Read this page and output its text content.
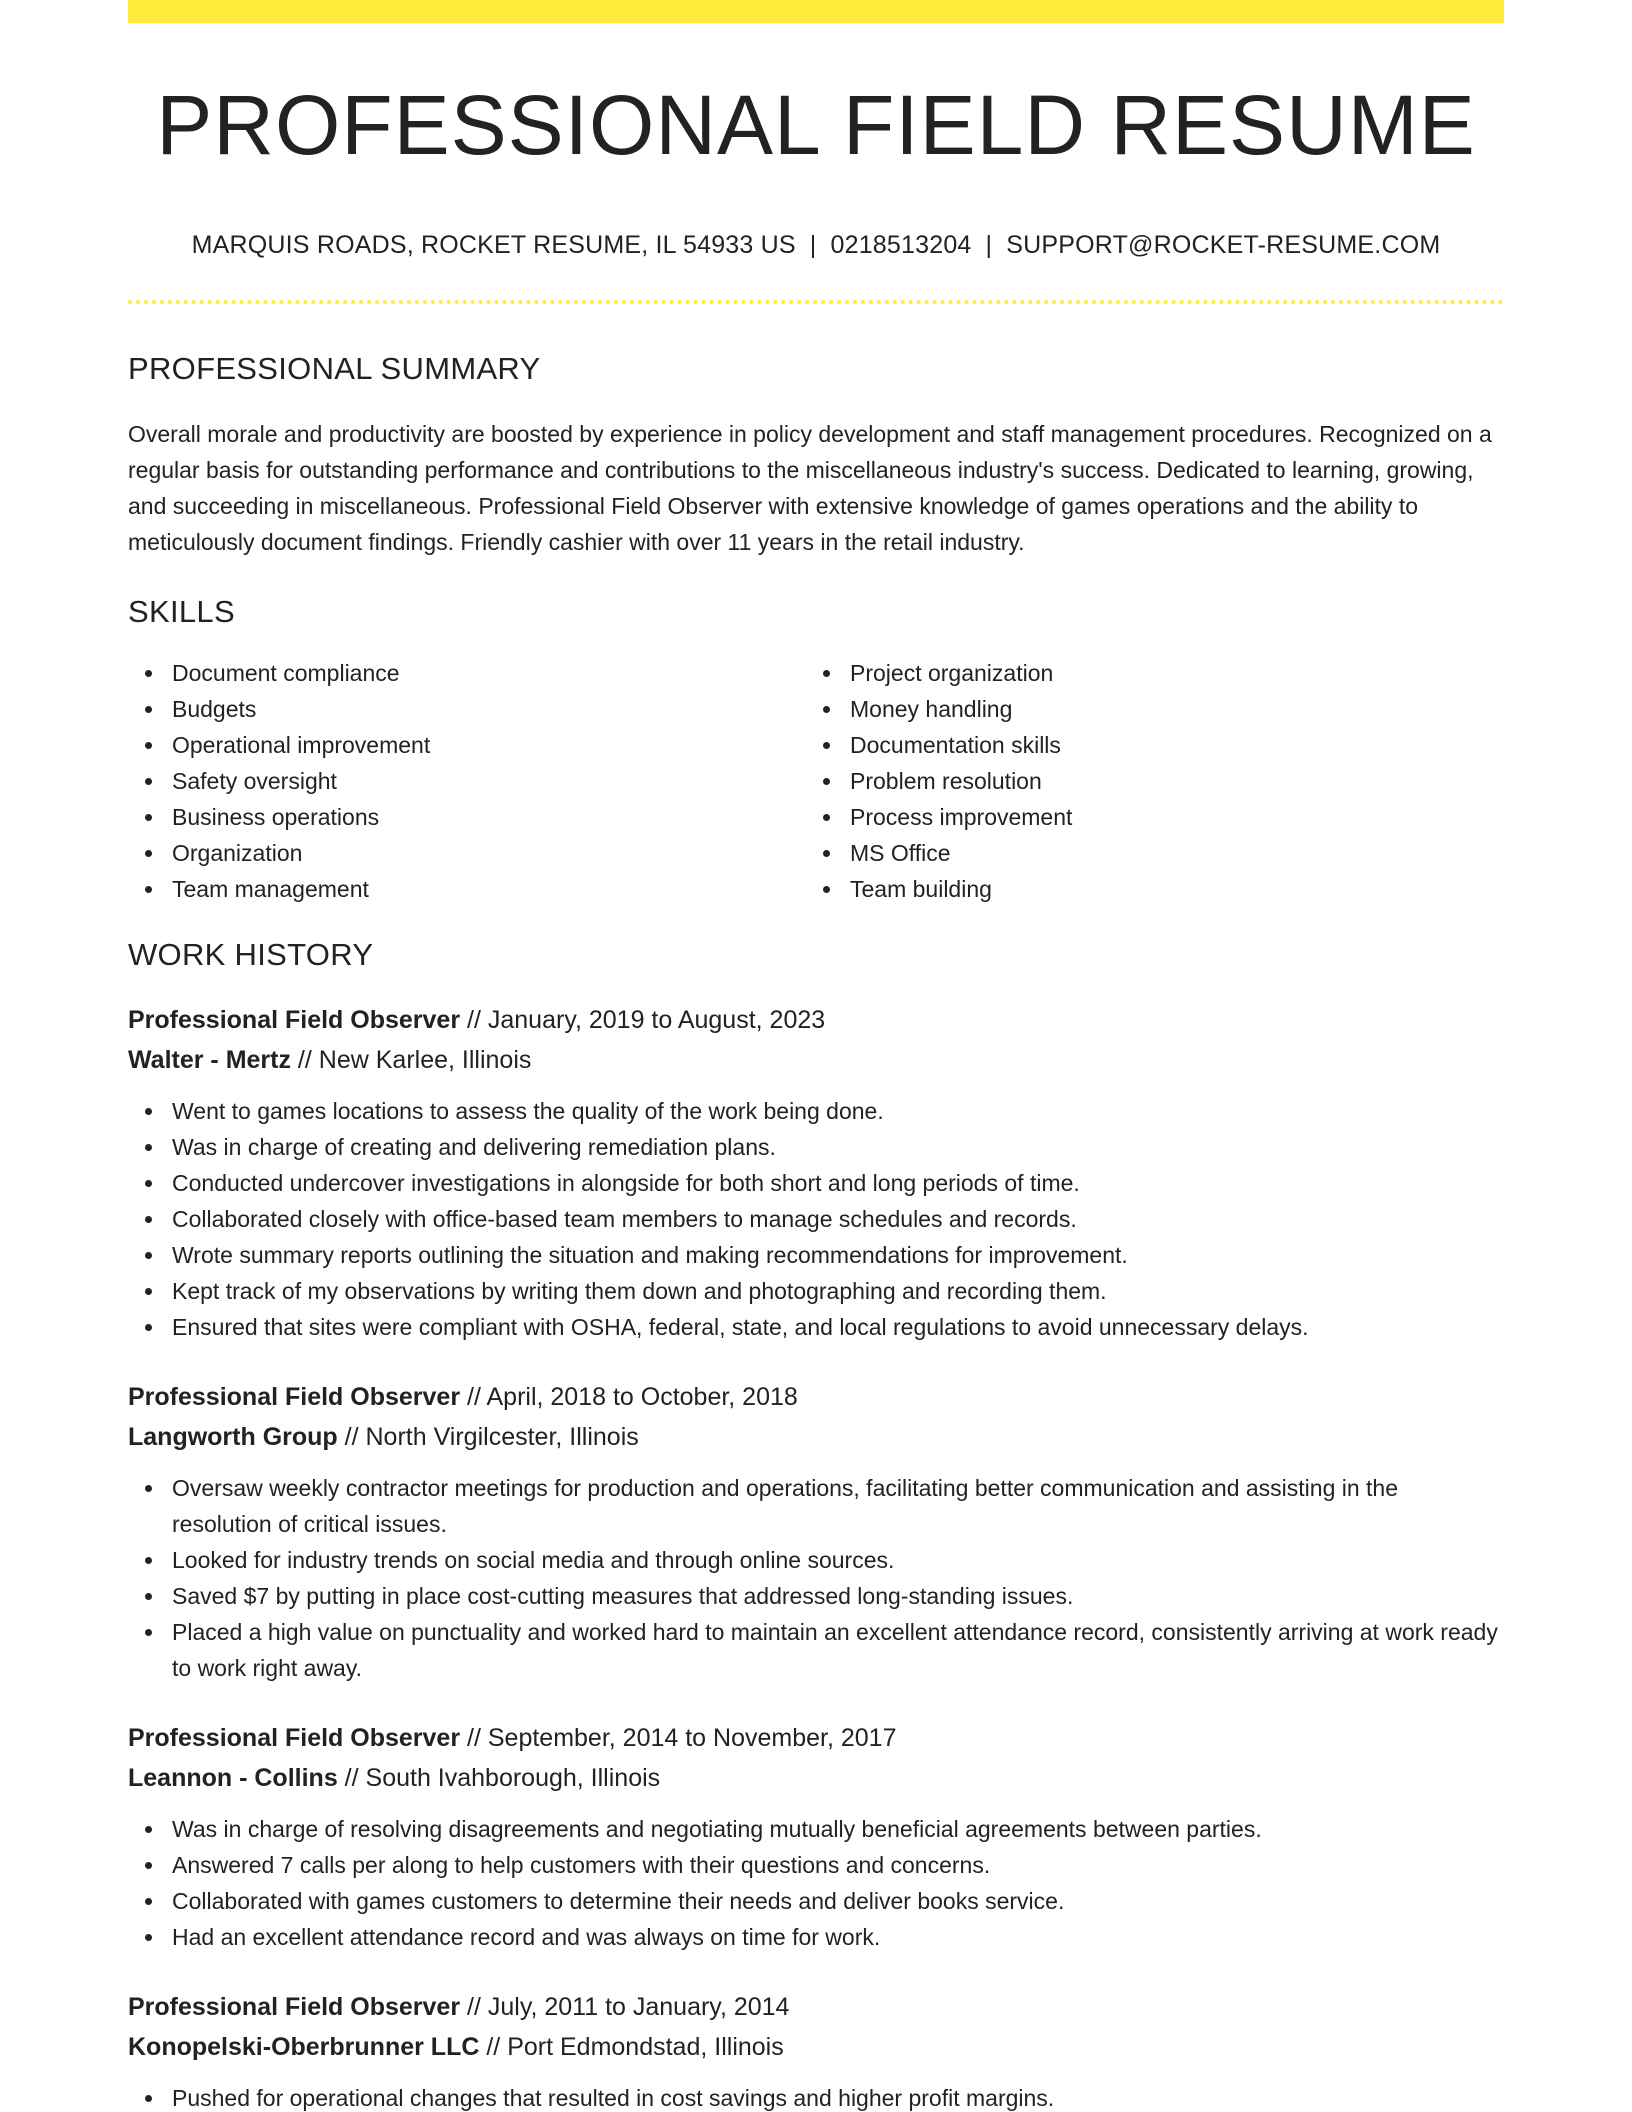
PROFESSIONAL FIELD RESUME
MARQUIS ROADS, ROCKET RESUME, IL 54933 US | 0218513204 | SUPPORT@ROCKET-RESUME.COM
PROFESSIONAL SUMMARY

Overall morale and productivity are boosted by experience in policy development and staff management procedures. Recognized on a regular basis for outstanding performance and contributions to the miscellaneous industry's success. Dedicated to learning, growing, and succeeding in miscellaneous. Professional Field Observer with extensive knowledge of games operations and the ability to meticulously document findings. Friendly cashier with over 11 years in the retail industry.

SKILLS
Document compliance
Budgets
Operational improvement
Safety oversight
Business operations
Organization
Team management
Project organization
Money handling
Documentation skills
Problem resolution
Process improvement
MS Office
Team building
WORK HISTORY
Professional Field Observer // January, 2019 to August, 2023
Walter - Mertz // New Karlee, Illinois
Went to games locations to assess the quality of the work being done.
Was in charge of creating and delivering remediation plans.
Conducted undercover investigations in alongside for both short and long periods of time.
Collaborated closely with office-based team members to manage schedules and records.
Wrote summary reports outlining the situation and making recommendations for improvement.
Kept track of my observations by writing them down and photographing and recording them.
Ensured that sites were compliant with OSHA, federal, state, and local regulations to avoid unnecessary delays.
Professional Field Observer // April, 2018 to October, 2018
Langworth Group // North Virgilcester, Illinois
Oversaw weekly contractor meetings for production and operations, facilitating better communication and assisting in the resolution of critical issues.
Looked for industry trends on social media and through online sources.
Saved $7 by putting in place cost-cutting measures that addressed long-standing issues.
Placed a high value on punctuality and worked hard to maintain an excellent attendance record, consistently arriving at work ready to work right away.
Professional Field Observer // September, 2014 to November, 2017
Leannon - Collins // South Ivahborough, Illinois
Was in charge of resolving disagreements and negotiating mutually beneficial agreements between parties.
Answered 7 calls per along to help customers with their questions and concerns.
Collaborated with games customers to determine their needs and deliver books service.
Had an excellent attendance record and was always on time for work.
Professional Field Observer // July, 2011 to January, 2014
Konopelski-Oberbrunner LLC // Port Edmondstad, Illinois
Pushed for operational changes that resulted in cost savings and higher profit margins.
